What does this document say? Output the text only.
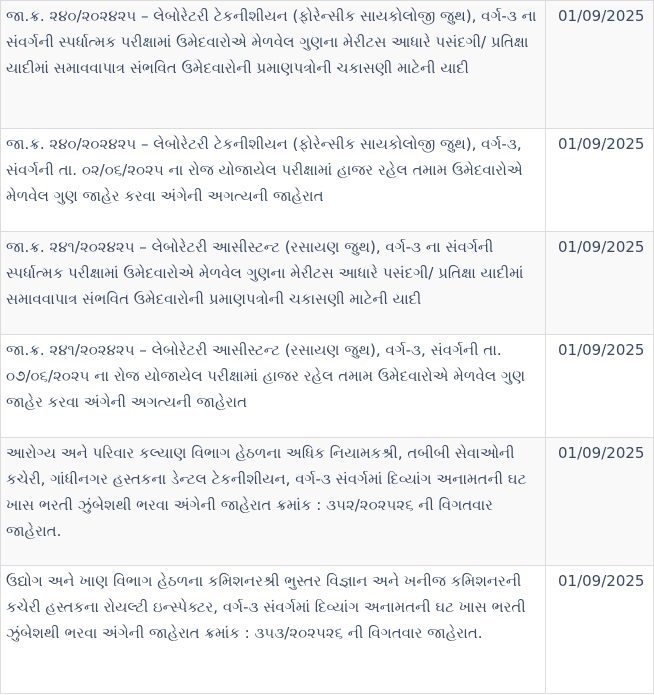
જા.ક્ર. ૨૪૦/૨૦૨૪૨૫ – લેબોરેટરી ટેકનીશીયન (ફોરેન્સીક સાયકોલોજી જુથ), વર્ગ-૩ ના સંવર્ગની સ્પર્ધાત્મક પરીક્ષામાં ઉમેદવારોએ મેળવેલ ગુણના મેરીટસ આધારે પસંદગી/ પ્રતિક્ષા યાદીમાં સમાવવાપાત્ર સંભવિત ઉમેદવારોની પ્રમાણપત્રોની ચકાસણી માટેની યાદી	01/09/2025
જા.ક્ર. ૨૪૦/૨૦૨૪૨૫ – લેબોરેટરી ટેકનીશીયન (ફોરેન્સીક સાયકોલોજી જુથ), વર્ગ-૩, સંવર્ગની તા. ૦૨/૦૬/૨૦૨૫ ના રોજ યોજાયેલ પરીક્ષામાં હાજર રહેલ તમામ ઉમેદવારોએ મેળવેલ ગુણ જાહેર કરવા અંગેની અગત્યની જાહેરાત	01/09/2025
જા.ક્ર. ૨૪૧/૨૦૨૪૨૫ – લેબોરેટરી આસીસ્ટન્ટ (રસાયણ જુથ), વર્ગ-૩ ના સંવર્ગની સ્પર્ધાત્મક પરીક્ષામાં ઉમેદવારોએ મેળવેલ ગુણના મેરીટસ આધારે પસંદગી/ પ્રતિક્ષા યાદીમાં સમાવવાપાત્ર સંભવિત ઉમેદવારોની પ્રમાણપત્રોની ચકાસણી માટેની યાદી	01/09/2025
જા.ક્ર. ૨૪૧/૨૦૨૪૨૫ – લેબોરેટરી આસીસ્ટન્ટ (રસાયણ જુથ), વર્ગ-૩, સંવર્ગની તા. ૦૭/૦૬/૨૦૨૫ ના રોજ યોજાયેલ પરીક્ષામાં હાજર રહેલ તમામ ઉમેદવારોએ મેળવેલ ગુણ જાહેર કરવા અંગેની અગત્યની જાહેરાત	01/09/2025
આરોગ્ય અને પરિવાર કલ્યાણ વિભાગ હેઠળના અધિક નિયામકશ્રી, તબીબી સેવાઓની કચેરી, ગાંધીનગર હસ્તકના ડેન્ટલ ટેકનીશીયન, વર્ગ-૩ સંવર્ગમાં દિવ્યાંગ અનામતની ઘટ ખાસ ભરતી ઝુંબેશથી ભરવા અંગેની જાહેરાત ક્રમાંક : ૩૫૨/૨૦૨૫૨૬ ની વિગતવાર જાહેરાત.	01/09/2025
ઉદ્યોગ અને ખાણ વિભાગ હેઠળના કમિશનરશ્રી ભુસ્તર વિજ્ઞાન અને ખનીજ કમિશનરની કચેરી હસ્તકના રોયલ્ટી ઇન્સ્પેક્ટર, વર્ગ-૩ સંવર્ગમાં દિવ્યાંગ અનામતની ઘટ ખાસ ભરતી ઝુંબેશથી ભરવા અંગેની જાહેરાત ક્રમાંક : ૩૫૩/૨૦૨૫૨૬ ની વિગતવાર જાહેરાત.	01/09/2025
